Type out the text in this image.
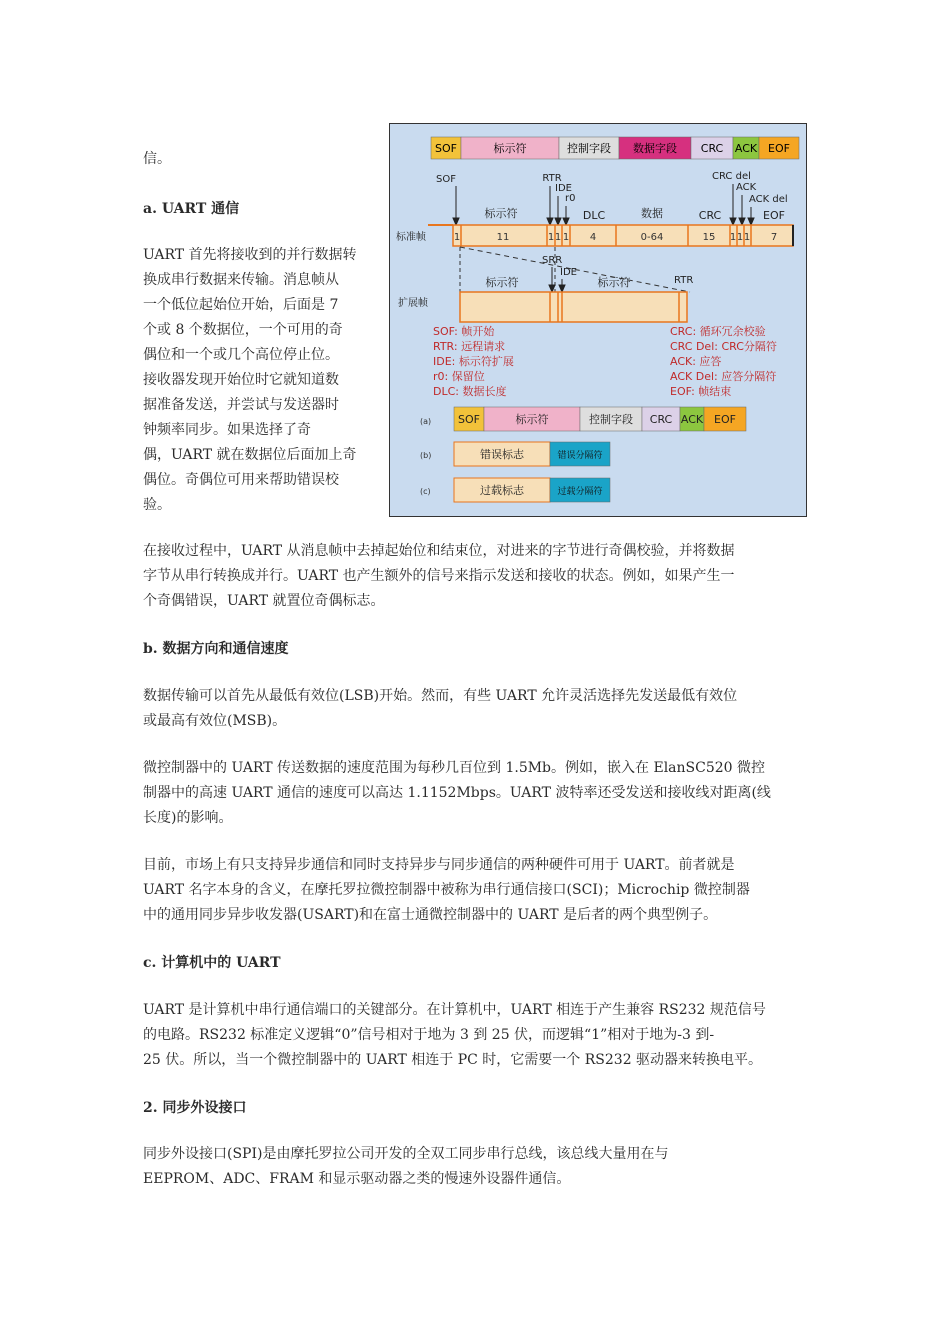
信。

a. UART 通信

UART 首先将接收到的并行数据转

换成串行数据来传输。消息帧从

一个低位起始位开始，后面是 7

个或 8 个数据位，一个可用的奇

偶位和一个或几个高位停止位。

接收器发现开始位时它就知道数

据准备发送，并尝试与发送器时

钟频率同步。如果选择了奇

偶，UART 就在数据位后面加上奇

偶位。奇偶位可用来帮助错误校

验。

SOF	标示符	控制字段 数据字段 CRC ACK EOF
SOF	RTR
IDE
r0
CRC del
ACK
ACK del
标示符	DLC	数据	CRC	EOF
标准帧	1	11	1 1 1 4	0-64	15 1 1 1 7
SRR
IDE
标示符	标示符	RTR
扩展帧
SOF: 帧开始
RTR: 远程请求
IDE: 标示符扩展
r0: 保留位
DLC: 数据长度
CRC: 循环冗余校验
CRC Del: CRC分隔符
ACK: 应答
ACK Del: 应答分隔符
EOF: 帧结束
(a) SOF	标示符	控制字段 CRC ACK EOF
(b)	错误标志	错误分隔符
(c)	过载标志	过载分隔符

在接收过程中，UART 从消息帧中去掉起始位和结束位，对进来的字节进行奇偶校验，并将数据

字节从串行转换成并行。UART 也产生额外的信号来指示发送和接收的状态。例如，如果产生一

个奇偶错误，UART 就置位奇偶标志。

b. 数据方向和通信速度

数据传输可以首先从最低有效位(LSB)开始。然而，有些 UART 允许灵活选择先发送最低有效位

或最高有效位(MSB)。

微控制器中的 UART 传送数据的速度范围为每秒几百位到 1.5Mb。例如，嵌入在 ElanSC520 微控

制器中的高速 UART 通信的速度可以高达 1.1152Mbps。UART 波特率还受发送和接收线对距离(线

长度)的影响。

目前，市场上有只支持异步通信和同时支持异步与同步通信的两种硬件可用于 UART。前者就是

UART 名字本身的含义，在摩托罗拉微控制器中被称为串行通信接口(SCI)；Microchip 微控制器

中的通用同步异步收发器(USART)和在富士通微控制器中的 UART 是后者的两个典型例子。

c. 计算机中的 UART

UART 是计算机中串行通信端口的关键部分。在计算机中，UART 相连于产生兼容 RS232 规范信号

的电路。RS232 标准定义逻辑“0”信号相对于地为 3 到 25 伏，而逻辑“1”相对于地为-3 到-

25 伏。所以，当一个微控制器中的 UART 相连于 PC 时，它需要一个 RS232 驱动器来转换电平。

2. 同步外设接口

同步外设接口(SPI)是由摩托罗拉公司开发的全双工同步串行总线，该总线大量用在与

EEPROM、ADC、FRAM 和显示驱动器之类的慢速外设器件通信。
